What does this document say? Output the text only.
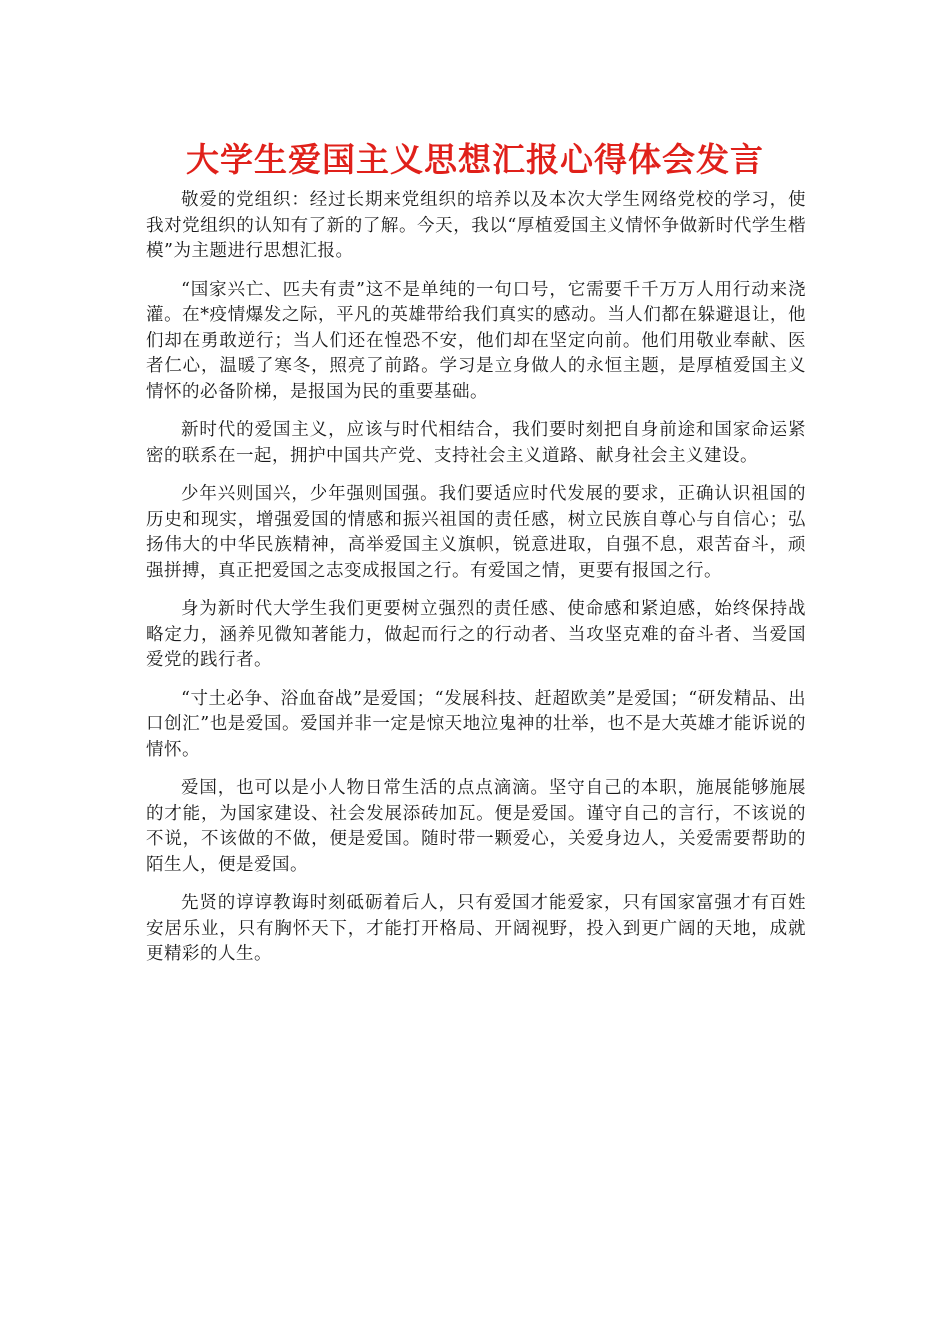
大学生爱国主义思想汇报心得体会发言

敬爱的党组织：经过长期来党组织的培养以及本次大学生网络党校的学习，使我对党组织的认知有了新的了解。今天，我以“厚植爱国主义情怀争做新时代学生楷模”为主题进行思想汇报。

“国家兴亡、匹夫有责”这不是单纯的一句口号，它需要千千万万人用行动来浇灌。在*疫情爆发之际，平凡的英雄带给我们真实的感动。当人们都在躲避退让，他们却在勇敢逆行；当人们还在惶恐不安，他们却在坚定向前。他们用敬业奉献、医者仁心，温暖了寒冬，照亮了前路。学习是立身做人的永恒主题，是厚植爱国主义情怀的必备阶梯，是报国为民的重要基础。

新时代的爱国主义，应该与时代相结合，我们要时刻把自身前途和国家命运紧密的联系在一起，拥护中国共产党、支持社会主义道路、献身社会主义建设。

少年兴则国兴，少年强则国强。我们要适应时代发展的要求，正确认识祖国的历史和现实，增强爱国的情感和振兴祖国的责任感，树立民族自尊心与自信心；弘扬伟大的中华民族精神，高举爱国主义旗帜，锐意进取，自强不息，艰苦奋斗，顽强拼搏，真正把爱国之志变成报国之行。有爱国之情，更要有报国之行。

身为新时代大学生我们更要树立强烈的责任感、使命感和紧迫感，始终保持战略定力，涵养见微知著能力，做起而行之的行动者、当攻坚克难的奋斗者、当爱国爱党的践行者。

“寸土必争、浴血奋战”是爱国；“发展科技、赶超欧美”是爱国；“研发精品、出口创汇”也是爱国。爱国并非一定是惊天地泣鬼神的壮举，也不是大英雄才能诉说的情怀。

爱国，也可以是小人物日常生活的点点滴滴。坚守自己的本职，施展能够施展的才能，为国家建设、社会发展添砖加瓦。便是爱国。谨守自己的言行，不该说的不说，不该做的不做，便是爱国。随时带一颗爱心，关爱身边人，关爱需要帮助的陌生人，便是爱国。

先贤的谆谆教诲时刻砥砺着后人，只有爱国才能爱家，只有国家富强才有百姓安居乐业，只有胸怀天下，才能打开格局、开阔视野，投入到更广阔的天地，成就更精彩的人生。
